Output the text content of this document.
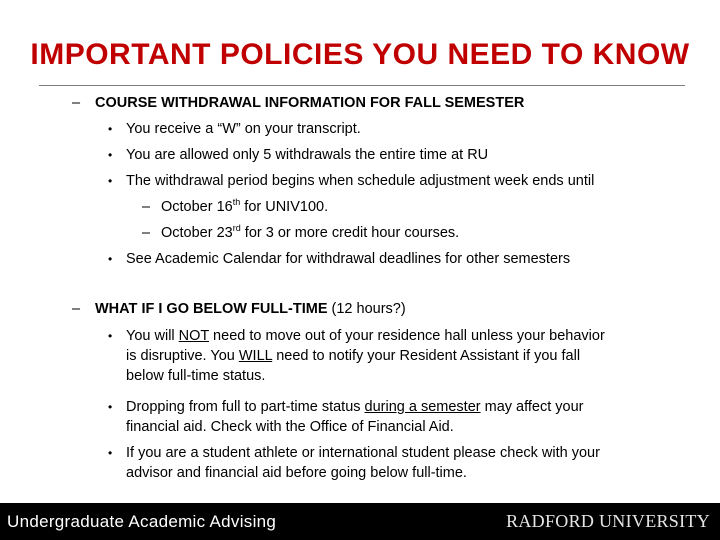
IMPORTANT POLICIES YOU NEED TO KNOW
– COURSE WITHDRAWAL INFORMATION FOR FALL SEMESTER
• You receive a “W” on your transcript.
• You are allowed only 5 withdrawals the entire time at RU
• The withdrawal period begins when schedule adjustment week ends until
– October 16th for UNIV100.
– October 23rd for 3 or more credit hour courses.
• See Academic Calendar for withdrawal deadlines for other semesters
– WHAT IF I GO BELOW FULL-TIME (12 hours?)
• You will NOT need to move out of your residence hall unless your behavior
is disruptive. You WILL need to notify your Resident Assistant if you fall
below full-time status.
• Dropping from full to part-time status during a semester may affect your
financial aid. Check with the Office of Financial Aid.
• If you are a student athlete or international student please check with your
advisor and financial aid before going below full-time.
Undergraduate Academic Advising	RADFORD UNIVERSITY
